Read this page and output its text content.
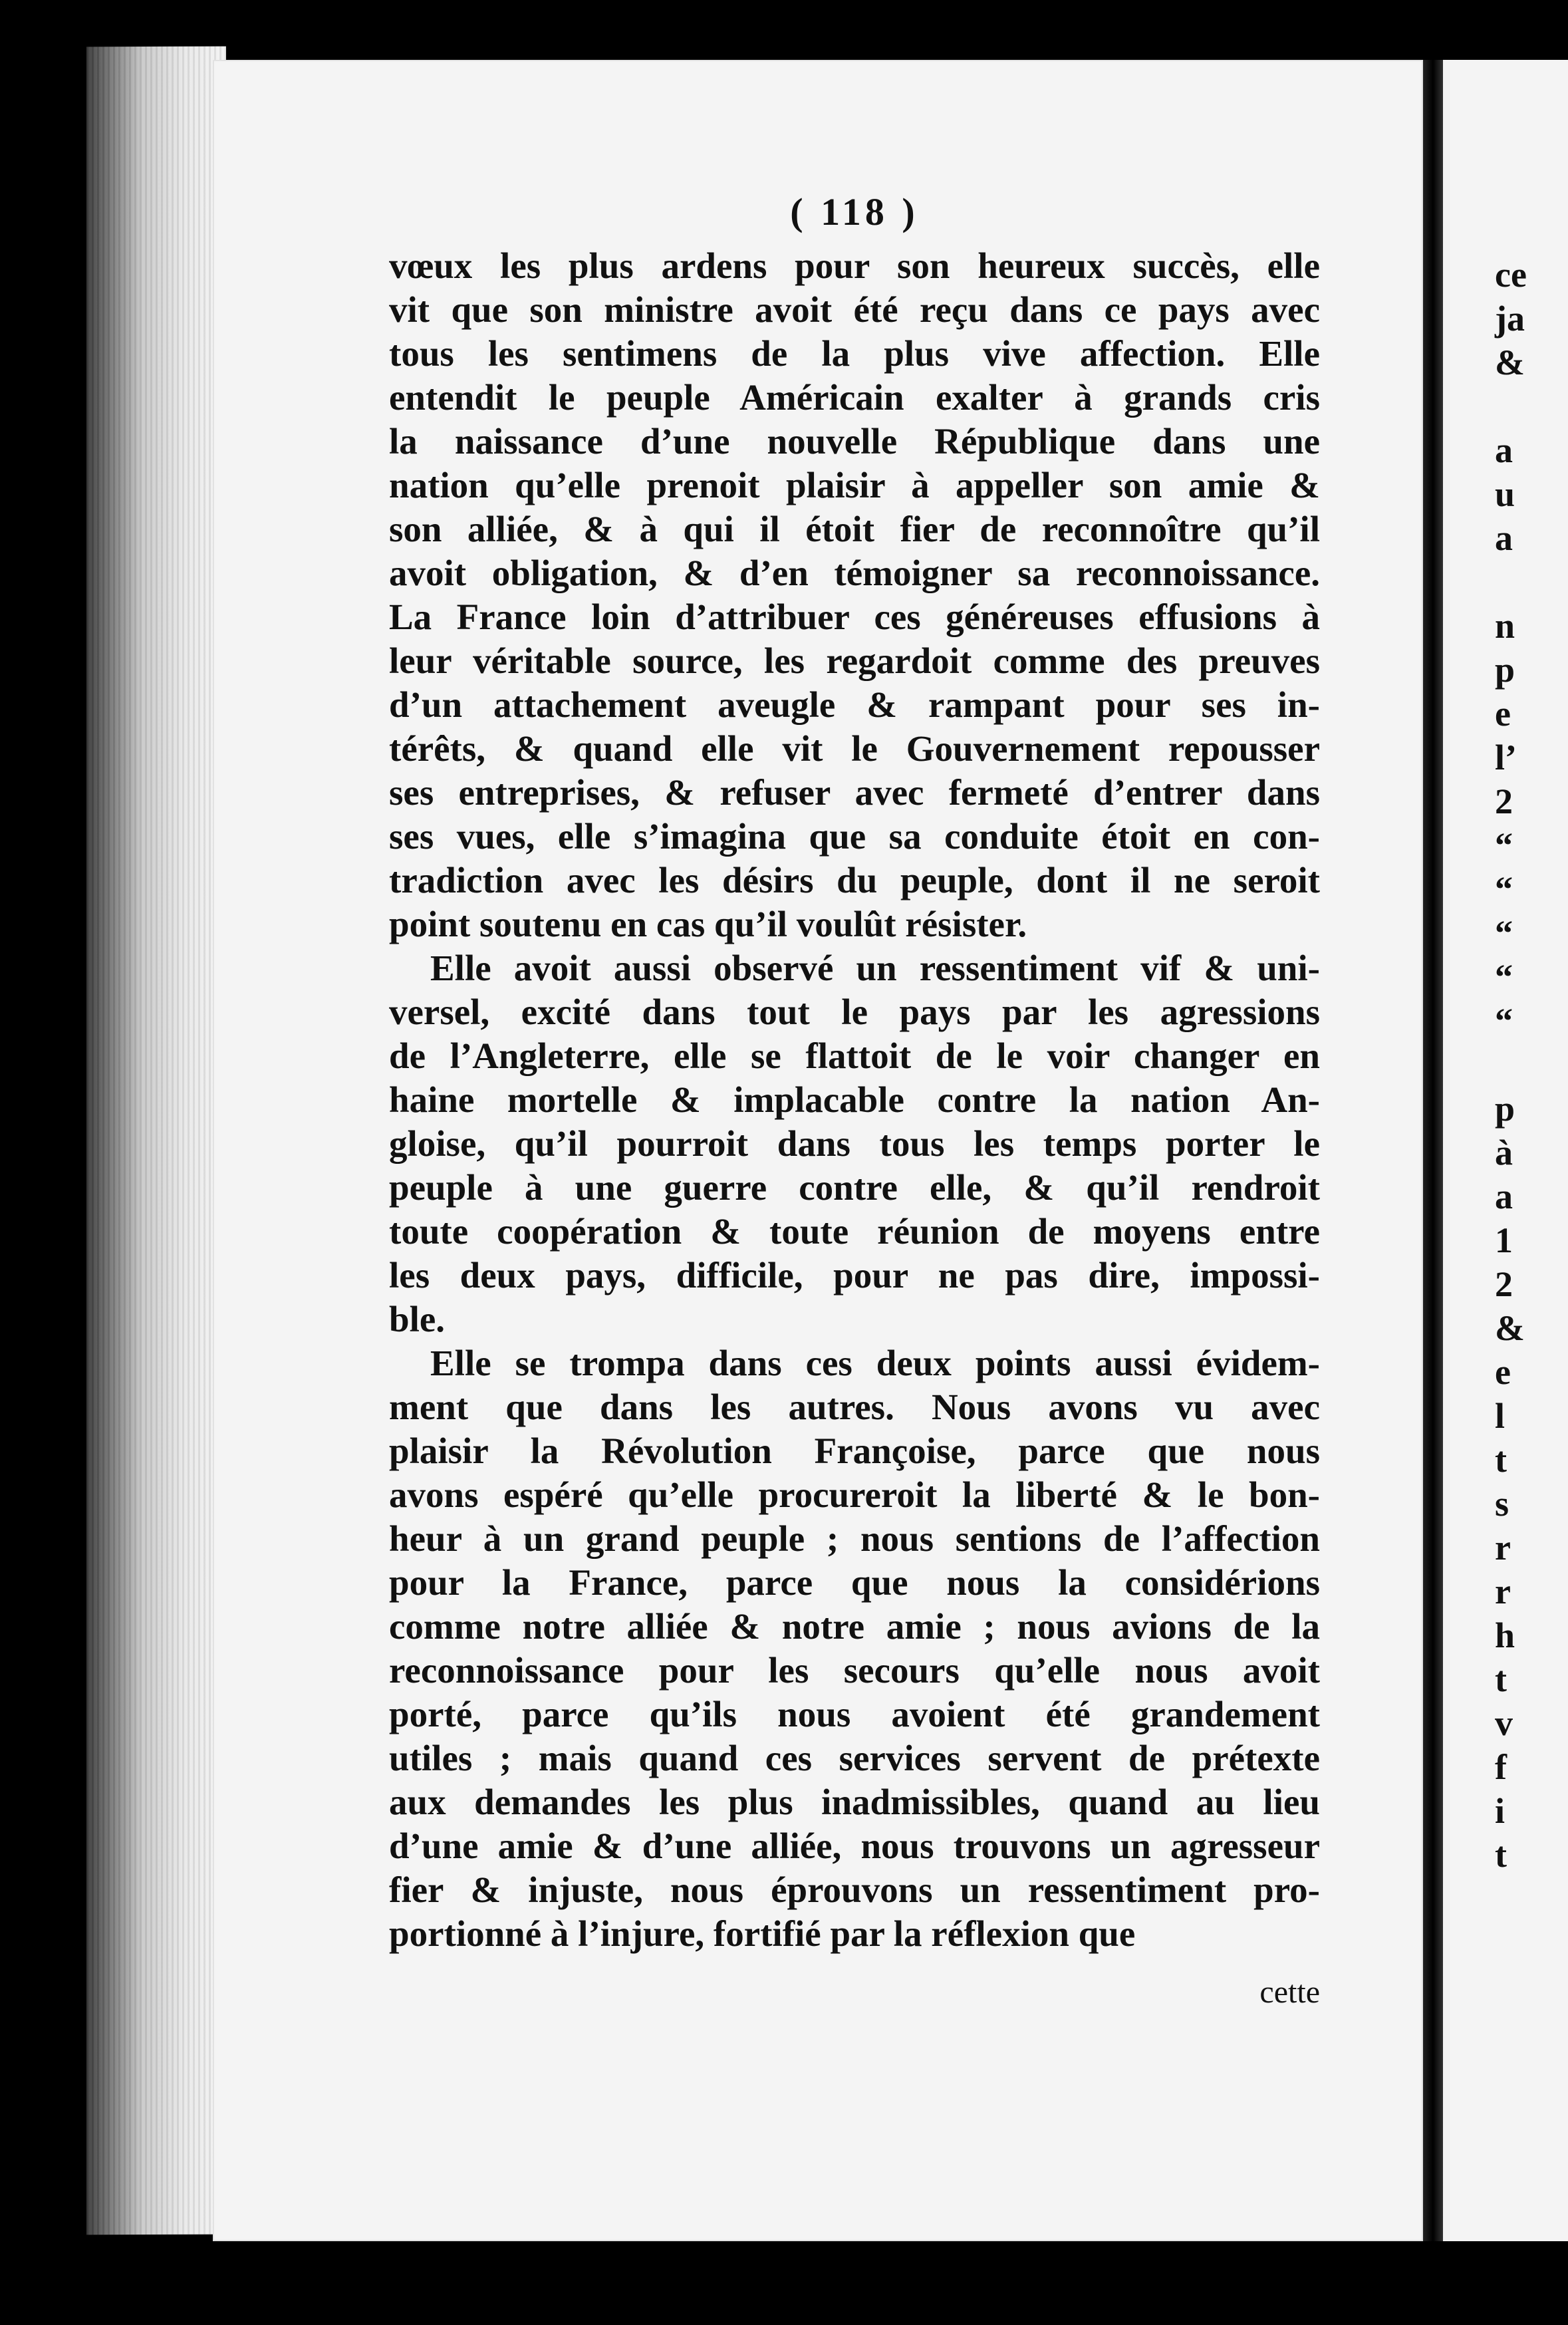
ce
ja
&
a
u
a
n
p
e
l’
2
“
“
“
“
“
p
à
a
1
2
&
e
l
t
s
r
r
h
t
v
f
i
t
( 118 )
vœux les plus ardens pour son heureux succès, elle
vit que son ministre avoit été reçu dans ce pays avec
tous les sentimens de la plus vive affection. Elle
entendit le peuple Américain exalter à grands cris
la naissance d’une nouvelle République dans une
nation qu’elle prenoit plaisir à appeller son amie &
son alliée, & à qui il étoit fier de reconnoître qu’il
avoit obligation, & d’en témoigner sa reconnoissance.
La France loin d’attribuer ces généreuses effusions à
leur véritable source, les regardoit comme des preuves
d’un attachement aveugle & rampant pour ses in-
térêts, & quand elle vit le Gouvernement repousser
ses entreprises, & refuser avec fermeté d’entrer dans
ses vues, elle s’imagina que sa conduite étoit en con-
tradiction avec les désirs du peuple, dont il ne seroit
point soutenu en cas qu’il voulût résister.
Elle avoit aussi observé un ressentiment vif & uni-
versel, excité dans tout le pays par les agressions
de l’Angleterre, elle se flattoit de le voir changer en
haine mortelle & implacable contre la nation An-
gloise, qu’il pourroit dans tous les temps porter le
peuple à une guerre contre elle, & qu’il rendroit
toute coopération & toute réunion de moyens entre
les deux pays, difficile, pour ne pas dire, impossi-
ble.
Elle se trompa dans ces deux points aussi évidem-
ment que dans les autres. Nous avons vu avec
plaisir la Révolution Françoise, parce que nous
avons espéré qu’elle procureroit la liberté & le bon-
heur à un grand peuple ; nous sentions de l’affection
pour la France, parce que nous la considérions
comme notre alliée & notre amie ; nous avions de la
reconnoissance pour les secours qu’elle nous avoit
porté, parce qu’ils nous avoient été grandement
utiles ; mais quand ces services servent de prétexte
aux demandes les plus inadmissibles, quand au lieu
d’une amie & d’une alliée, nous trouvons un agresseur
fier & injuste, nous éprouvons un ressentiment pro-
portionné à l’injure, fortifié par la réflexion que
cette
